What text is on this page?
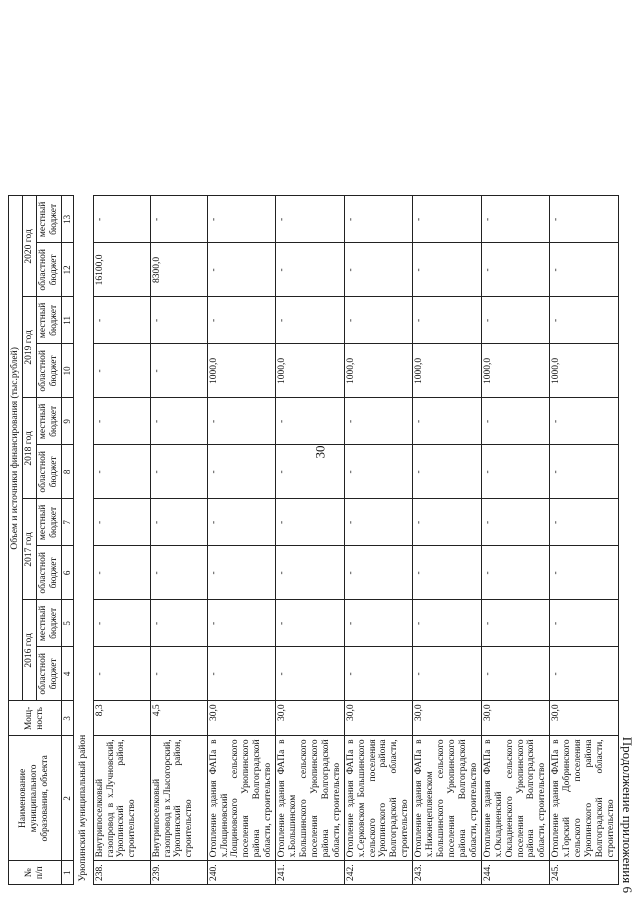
30
Продолжение приложения 6
№ п/п	Наименование муниципального образования, объекта	Мощ- ность	Объем и источники финансирования (тыс.рублей)									
			2016 год		2017 год		2018 год		2019 год		2020 год	
			областной бюджет	местный бюджет	областной бюджет	местный бюджет	областной бюджет	местный бюджет	областной бюджет	местный бюджет	областной бюджет	местный бюджет
1	2	3	4	5	6	7	8	9	10	11	12	13
Урюпинский муниципальный район												
238.	Внутрипоселковый газопровод в х.Лучновский, Урюпинский район, строительство	8,3	-	-	-	-	-	-	-	-	16100,0	-
239.	Внутрипоселковый газопровод в х.Лысогорский, Урюпинский район, строительство	4,5	-	-	-	-	-	-	-	-	8300,0	-
240.	Отопление здания ФАПа в х.Лощиновский Лощиновского сельского поселения Урюпинского района Волгоградской области, строительство	30,0	-	-	-	-	-	-	1000,0	-	-	-
241.	Отопление здания ФАПа в х.Большинском Большинского сельского поселения Урюпинского района Волгоградской области, строительство	30,0	-	-	-	-	-	-	1000,0	-	-	-
242.	Отопление здания ФАПа в х.Серковском Большинского сельского поселения Урюпинского района Волгоградской области, строительство	30,0	-	-	-	-	-	-	1000,0	-	-	-
243.	Отопление здания ФАПа в х.Нижнецепляевском Большинского сельского поселения Урюпинского района Волгоградской области, строительство	30,0	-	-	-	-	-	-	1000,0	-	-	-
244.	Отопление здания ФАПа в х.Окладненский Окладненского сельского поселения Урюпинского района Волгоградской области, строительство	30,0	-	-	-	-	-	-	1000,0	-	-	-
245.	Отопление здания ФАПа в х.Горский Добринского сельского поселения Урюпинского района Волгоградской области, строительство	30,0	-	-	-	-	-	-	1000,0	-	-	-
